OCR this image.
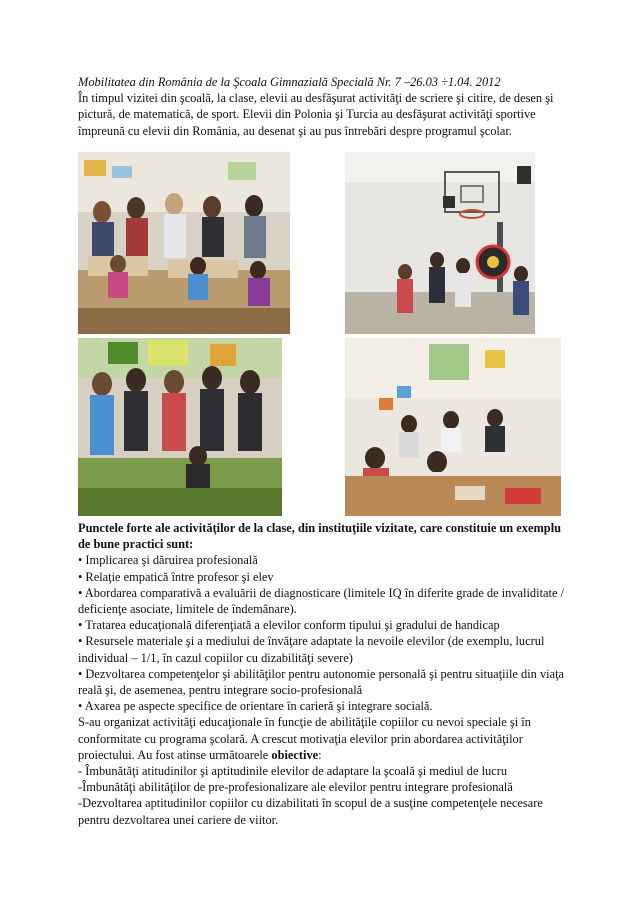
Mobilitatea din România de la Şcoala Gimnazială Specială Nr. 7 –26.03 ÷1.04. 2012

În timpul vizitei din şcoală, la clase, elevii au desfăşurat activităţi de scriere şi citire, de desen şi pictură, de matematică, de sport. Elevii din Polonia şi Turcia au desfăşurat activităţi sportive împreună cu elevii din România, au desenat şi au pus întrebări despre programul şcolar.

Punctele forte ale activităţilor de la clase, din instituţiile vizitate, care constituie un exemplu de bune practici sunt:

• Implicarea şi dăruirea profesională

• Relaţie empatică între profesor şi elev

• Abordarea comparativă a evaluării de diagnosticare (limitele IQ în diferite grade de invaliditate / deficienţe asociate, limitele de îndemânare).

• Tratarea educaţională diferenţiată a elevilor conform tipului şi gradului de handicap

• Resursele materiale şi a mediului de învăţare adaptate la nevoile elevilor (de exemplu, lucrul individual – 1/1, în cazul copiilor cu dizabilităţi severe)

• Dezvoltarea competenţelor şi abilităţilor pentru autonomie personală şi pentru situaţiile din viaţa reală şi, de asemenea, pentru integrare socio-profesională

• Axarea pe aspecte specifice de orientare în carieră şi integrare socială.

S-au organizat activităţi educaţionale în funcţie de abilităţile copiilor cu nevoi speciale şi în conformitate cu programa şcolară. A crescut motivaţia elevilor prin abordarea activităţilor proiectului. Au fost atinse următoarele obiective:

- Îmbunătăţi atitudinilor şi aptitudinile elevilor de adaptare la şcoală şi mediul de lucru

-Îmbunătăţi abilităţilor de pre-profesionalizare ale elevilor pentru integrare profesională

-Dezvoltarea aptitudinilor copiilor cu dizabilitati în scopul de a susţine competenţele necesare pentru dezvoltarea unei cariere de viitor.
